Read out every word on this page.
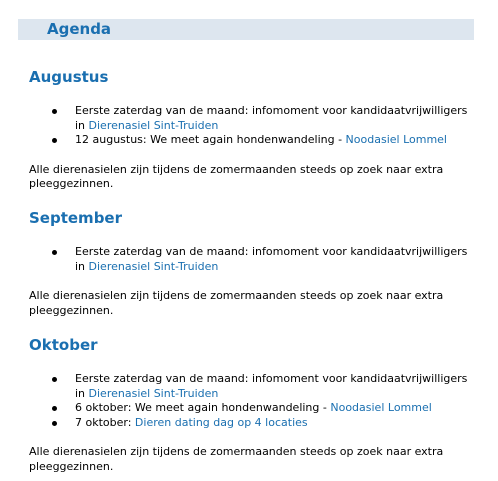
Agenda
Augustus
Eerste zaterdag van de maand: infomoment voor kandidaatvrijwilligers in Dierenasiel Sint-Truiden
12 augustus: We meet again hondenwandeling - Noodasiel Lommel

Alle dierenasielen zijn tijdens de zomermaanden steeds op zoek naar extra pleeggezinnen.

September
Eerste zaterdag van de maand: infomoment voor kandidaatvrijwilligers in Dierenasiel Sint-Truiden

Alle dierenasielen zijn tijdens de zomermaanden steeds op zoek naar extra pleeggezinnen.

Oktober
Eerste zaterdag van de maand: infomoment voor kandidaatvrijwilligers in Dierenasiel Sint-Truiden
6 oktober: We meet again hondenwandeling - Noodasiel Lommel
7 oktober: Dieren dating dag op 4 locaties

Alle dierenasielen zijn tijdens de zomermaanden steeds op zoek naar extra pleeggezinnen.
